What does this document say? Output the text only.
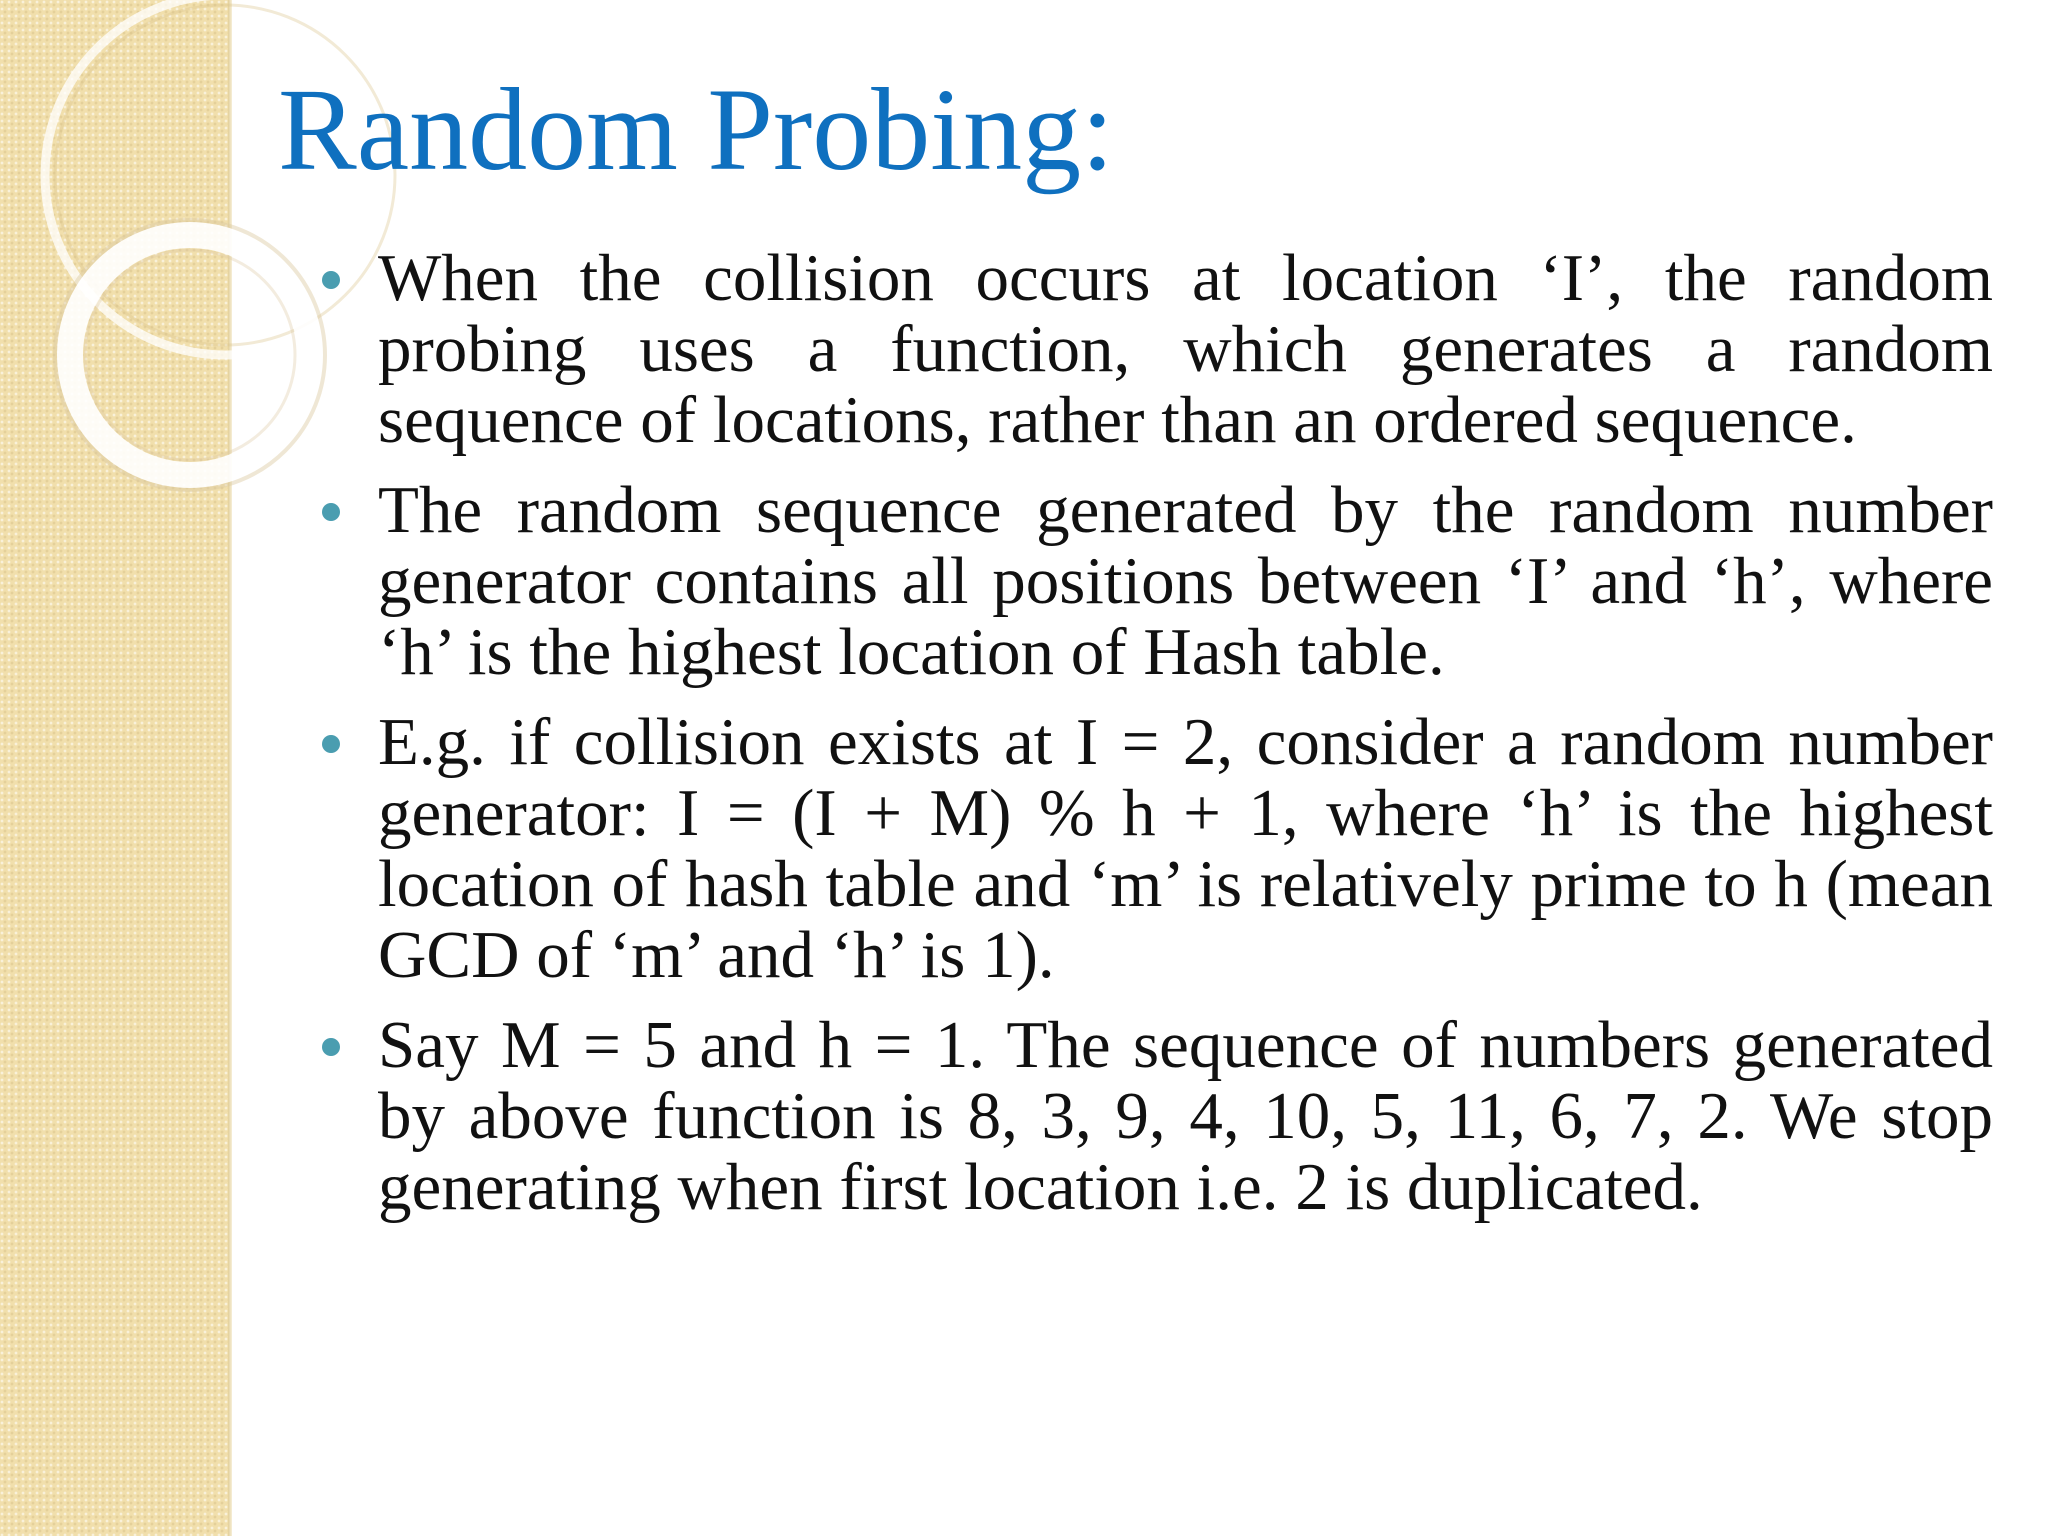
Random Probing:
When the collision occurs at location ‘I’, the random probing uses a function, which generates a random sequence of locations, rather than an ordered sequence.
The random sequence generated by the random number generator contains all positions between ‘I’ and ‘h’, where ‘h’ is the highest location of Hash table.
E.g. if collision exists at I = 2, consider a random number generator: I = (I + M) % h + 1, where ‘h’ is the highest location of hash table and ‘m’ is relatively prime to h (mean GCD of ‘m’ and ‘h’ is 1).
Say M = 5 and h = 1. The sequence of numbers generated by above function is 8, 3, 9, 4, 10, 5, 11, 6, 7, 2. We stop generating when first location i.e. 2 is duplicated.
